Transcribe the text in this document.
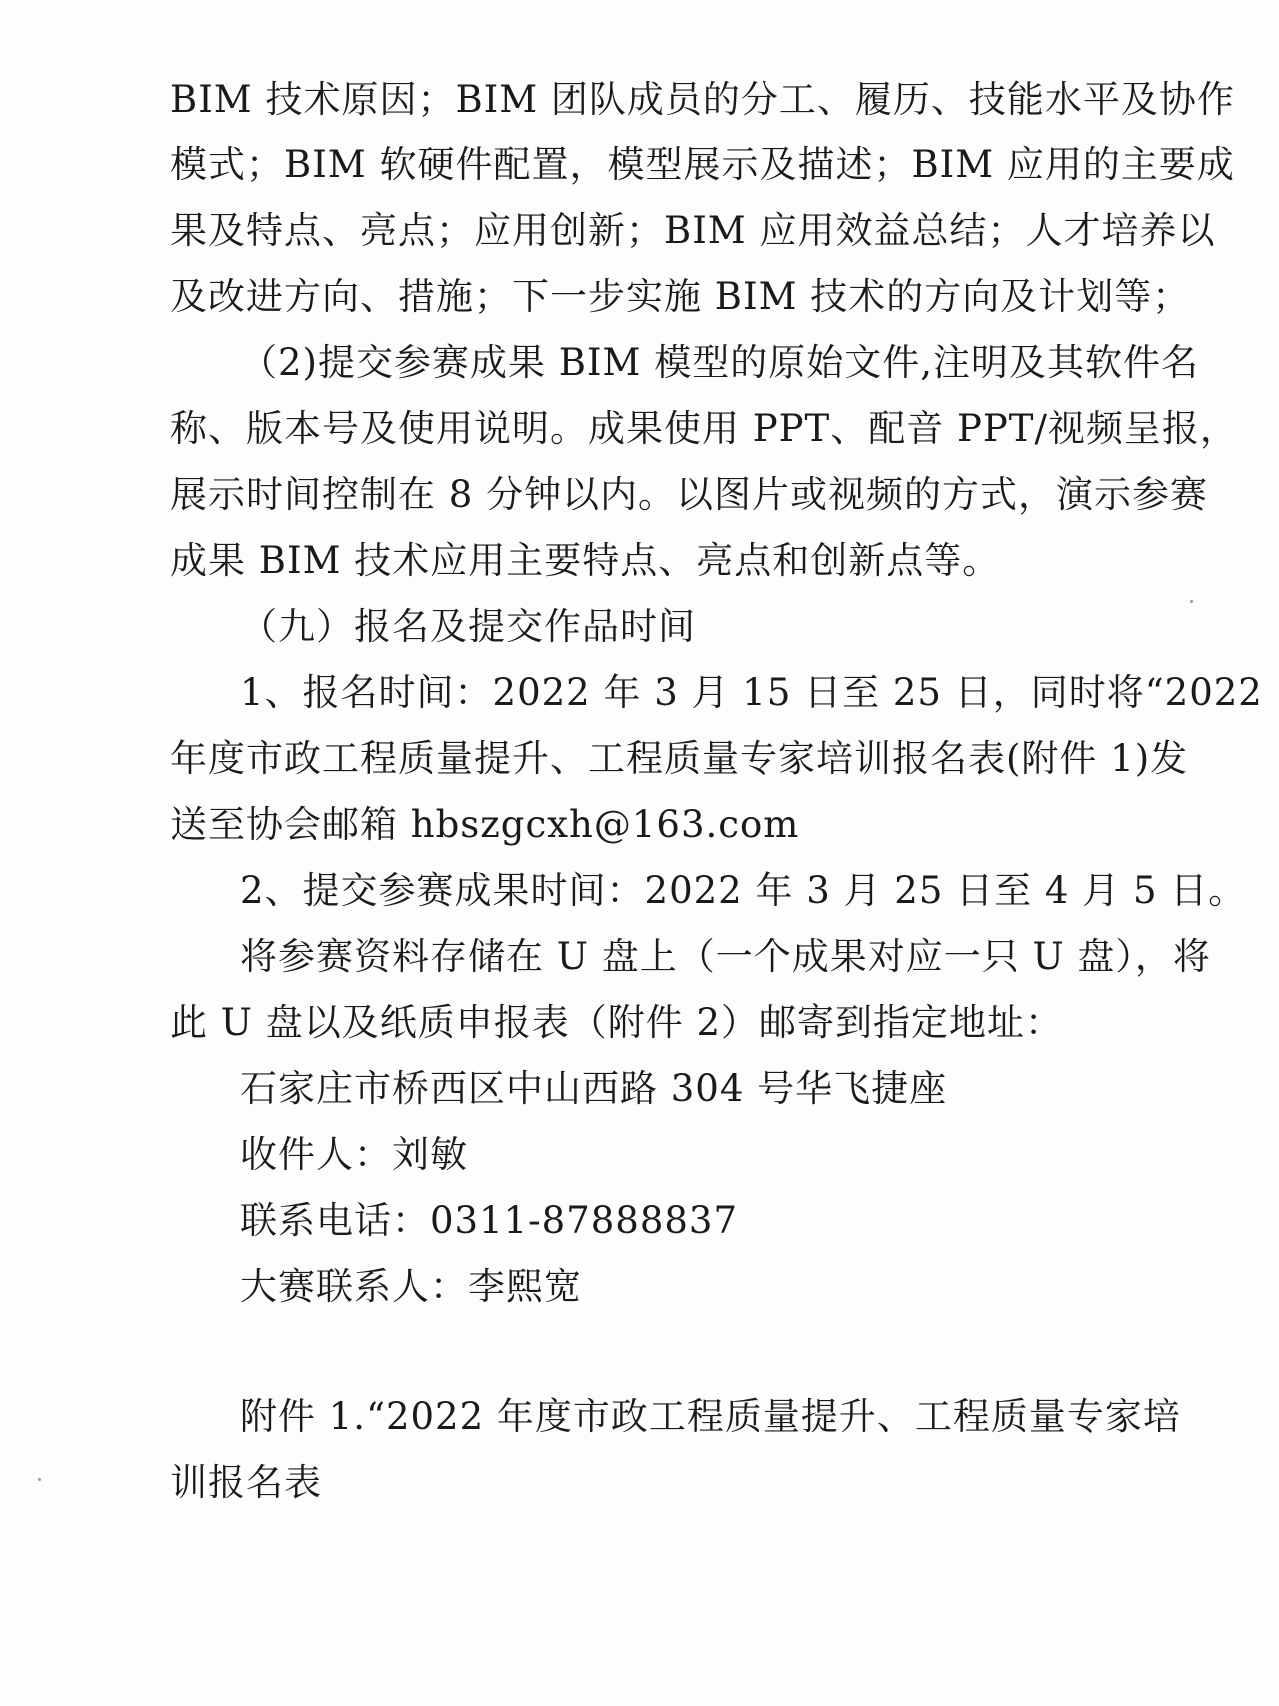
BIM 技术原因；BIM 团队成员的分工、履历、技能水平及协作
模式；BIM 软硬件配置，模型展示及描述；BIM 应用的主要成
果及特点、亮点；应用创新；BIM 应用效益总结；人才培养以
及改进方向、措施；下一步实施 BIM 技术的方向及计划等；
（2)提交参赛成果 BIM 模型的原始文件,注明及其软件名
称、版本号及使用说明。成果使用 PPT、配音 PPT/视频呈报，
展示时间控制在 8 分钟以内。以图片或视频的方式，演示参赛
成果 BIM 技术应用主要特点、亮点和创新点等。
（九）报名及提交作品时间
1、报名时间：2022 年 3 月 15 日至 25 日，同时将“2022
年度市政工程质量提升、工程质量专家培训报名表(附件 1)发
送至协会邮箱 hbszgcxh@163.com
2、提交参赛成果时间：2022 年 3 月 25 日至 4 月 5 日。
将参赛资料存储在 U 盘上（一个成果对应一只 U 盘），将
此 U 盘以及纸质申报表（附件 2）邮寄到指定地址：
石家庄市桥西区中山西路 304 号华飞捷座
收件人：刘敏
联系电话：0311-87888837
大赛联系人：李熙宽
附件 1.“2022 年度市政工程质量提升、工程质量专家培
训报名表
